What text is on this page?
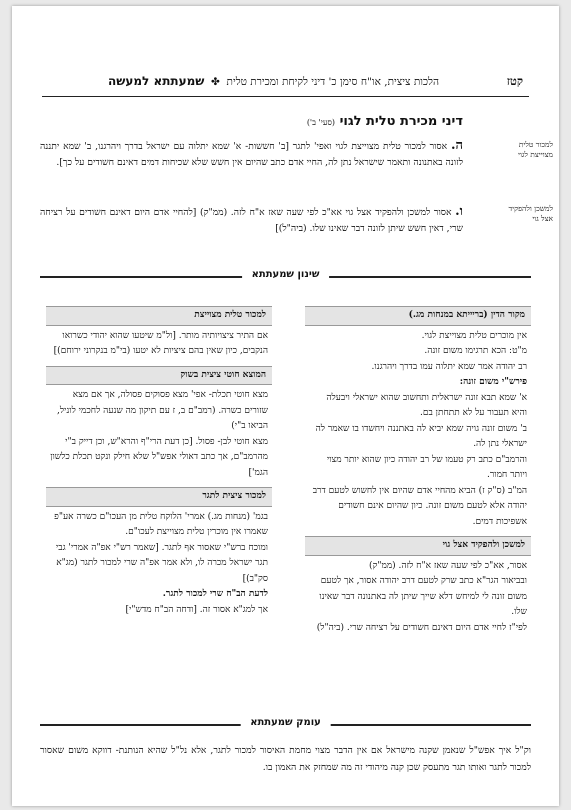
קטז
הלכות ציצית, או"ח סימן כ' דיני לקיחת ומכירת טלית  ✤  שמעתתא למעשה
דיני מכירת טלית לגוי (סעי' ב')
למכור טלית מצוייצת לגוי
למשכן ולהפקיד אצל גוי
ה. אסור למכור טלית מצוייצת לגוי ואפי' לתגר [ב' חששות- א' שמא יתלוה עם ישראל בדרך ויהרגנו, ב' שמא יתננה לזונה באתנונה ותאמר שישראל נתן לה, החיי אדם כתב שהיום אין חשש שלא שכיחות דמים דאינם חשודים על כך].
ו. אסור למשכן ולהפקיד אצל גוי אא"כ לפי שעה שאז א"ח לזה. (ממ"ק) [להחיי אדם היום דאינם חשודים על רציחה שרי, דאין חשש שיתן לזונה דבר שאינו שלו. (ביה"ל)]
שינון שמעתתא
מקור הדין (בריייתא במנחות מג.)

אין מוכרים טלית מצוייצת לגוי.

מ"ט: הכא תרגימו משום זונה.

רב יהודה אמר שמא יתלוה עמו בדרך ויהרגנו.

פירש"י משום זונה:

א' שמא תבא זונה ישראלית ותחשוב שהוא ישראלי ויבעלה והיא תעבור על לא תתחתן בם.

ב' משום זונה גויה שמא יביא לה באתננה ויחשדו בו שאמר לה ישראלי נתן לה.

והרמב"ם כתב רק טעמו של רב יהודה כיון שהוא יותר מצוי ויותר חמור.

המ"ב (ס"ק ז) הביא מהחיי אדם שהיום אין לחשוש לטעם דרב יהודה אלא לטעם משום זונה. כיון שהיום אינם חשודים אשפיכות דמים.

למשכן ולהפקיד אצל גוי

אסור, אא"כ לפי שעה שאז א"ח לזה. (ממ"ק)

ובביאור הגר"א כתב שרק לטעם דרב יהודה אסור, אך לטעם משום זונה לי למיחש דלא שייך שיתן לה באתנונה דבר שאינו שלו.

לפי"ז לחיי אדם היום דאינם חשודים על רציחה שרי. (ביה"ל)

למכור טלית מצוייצת

אם התיר ציצויותיה מותר. [ול"מ שיטעו שהוא יהודי כשרואו הנקבים, כיון שאין בהם ציציות לא יטעו (בי"מ בנקרוני ירוחם)]

המוצא חוטי ציצית בשוק

מצא חוטי תכלת- אפי' מצא פסוקים פסולה, אך אם מצא שזורים כשרה. (רמב"ם ב, ז עם תיקון מה שנעה לחכמי לוניל, הביאו ב"י)

מצא חוטי לבן- פסול. [כן דעת הרי"ף והרא"ש, וכן דייק ב"י מהרמב"ם, אך כתב דאולי אפש"ל שלא חילק ונקט תכלת כלשון הגמ']

למכור ציצית לתגר

בגמ' (מנחות מג.) אמרי' הלוקח טלית מן העכו"ם כשרה אע"פ שאמרו אין מוכרין טלית מצוייצת לעכו"ם.

ומוכח ברש"י שאסור אף לתגר. [שאמר רש"י אפ"ה אמרי' גבי תגר ישראל מכרה לו, ולא אמר אפ"ה שרי למכור לתגר (מג"א סק"ב)]

לדעת הב"ח שרי למכור לתגר.

אך למג"א אסור זה. [ודחה הב"ח מדש"י]

עומק שמעתתא
וק"ל איך אפש"ל שנאמן שקנה מישראל אם אין הדבר מצוי מחמת האיסור למכור לתגר, אלא נל"ל שהיא הנותנת- דווקא משום שאסור למכור לתגר ואותו תגר מתעסק שכן קנה מיהודי זה מה שמחזק את האמון בו.
